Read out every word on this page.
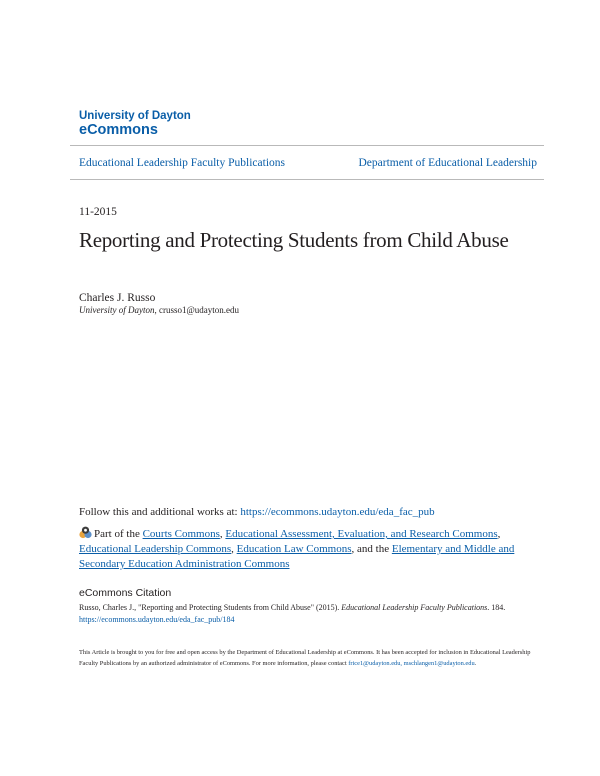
University of Dayton
eCommons
Educational Leadership Faculty Publications	Department of Educational Leadership
11-2015
Reporting and Protecting Students from Child Abuse
Charles J. Russo
University of Dayton, crusso1@udayton.edu
Follow this and additional works at: https://ecommons.udayton.edu/eda_fac_pub
Part of the Courts Commons, Educational Assessment, Evaluation, and Research Commons, Educational Leadership Commons, Education Law Commons, and the Elementary and Middle and Secondary Education Administration Commons
eCommons Citation
Russo, Charles J., "Reporting and Protecting Students from Child Abuse" (2015). Educational Leadership Faculty Publications. 184.
https://ecommons.udayton.edu/eda_fac_pub/184
This Article is brought to you for free and open access by the Department of Educational Leadership at eCommons. It has been accepted for inclusion in Educational Leadership Faculty Publications by an authorized administrator of eCommons. For more information, please contact frice1@udayton.edu, mschlangen1@udayton.edu.
